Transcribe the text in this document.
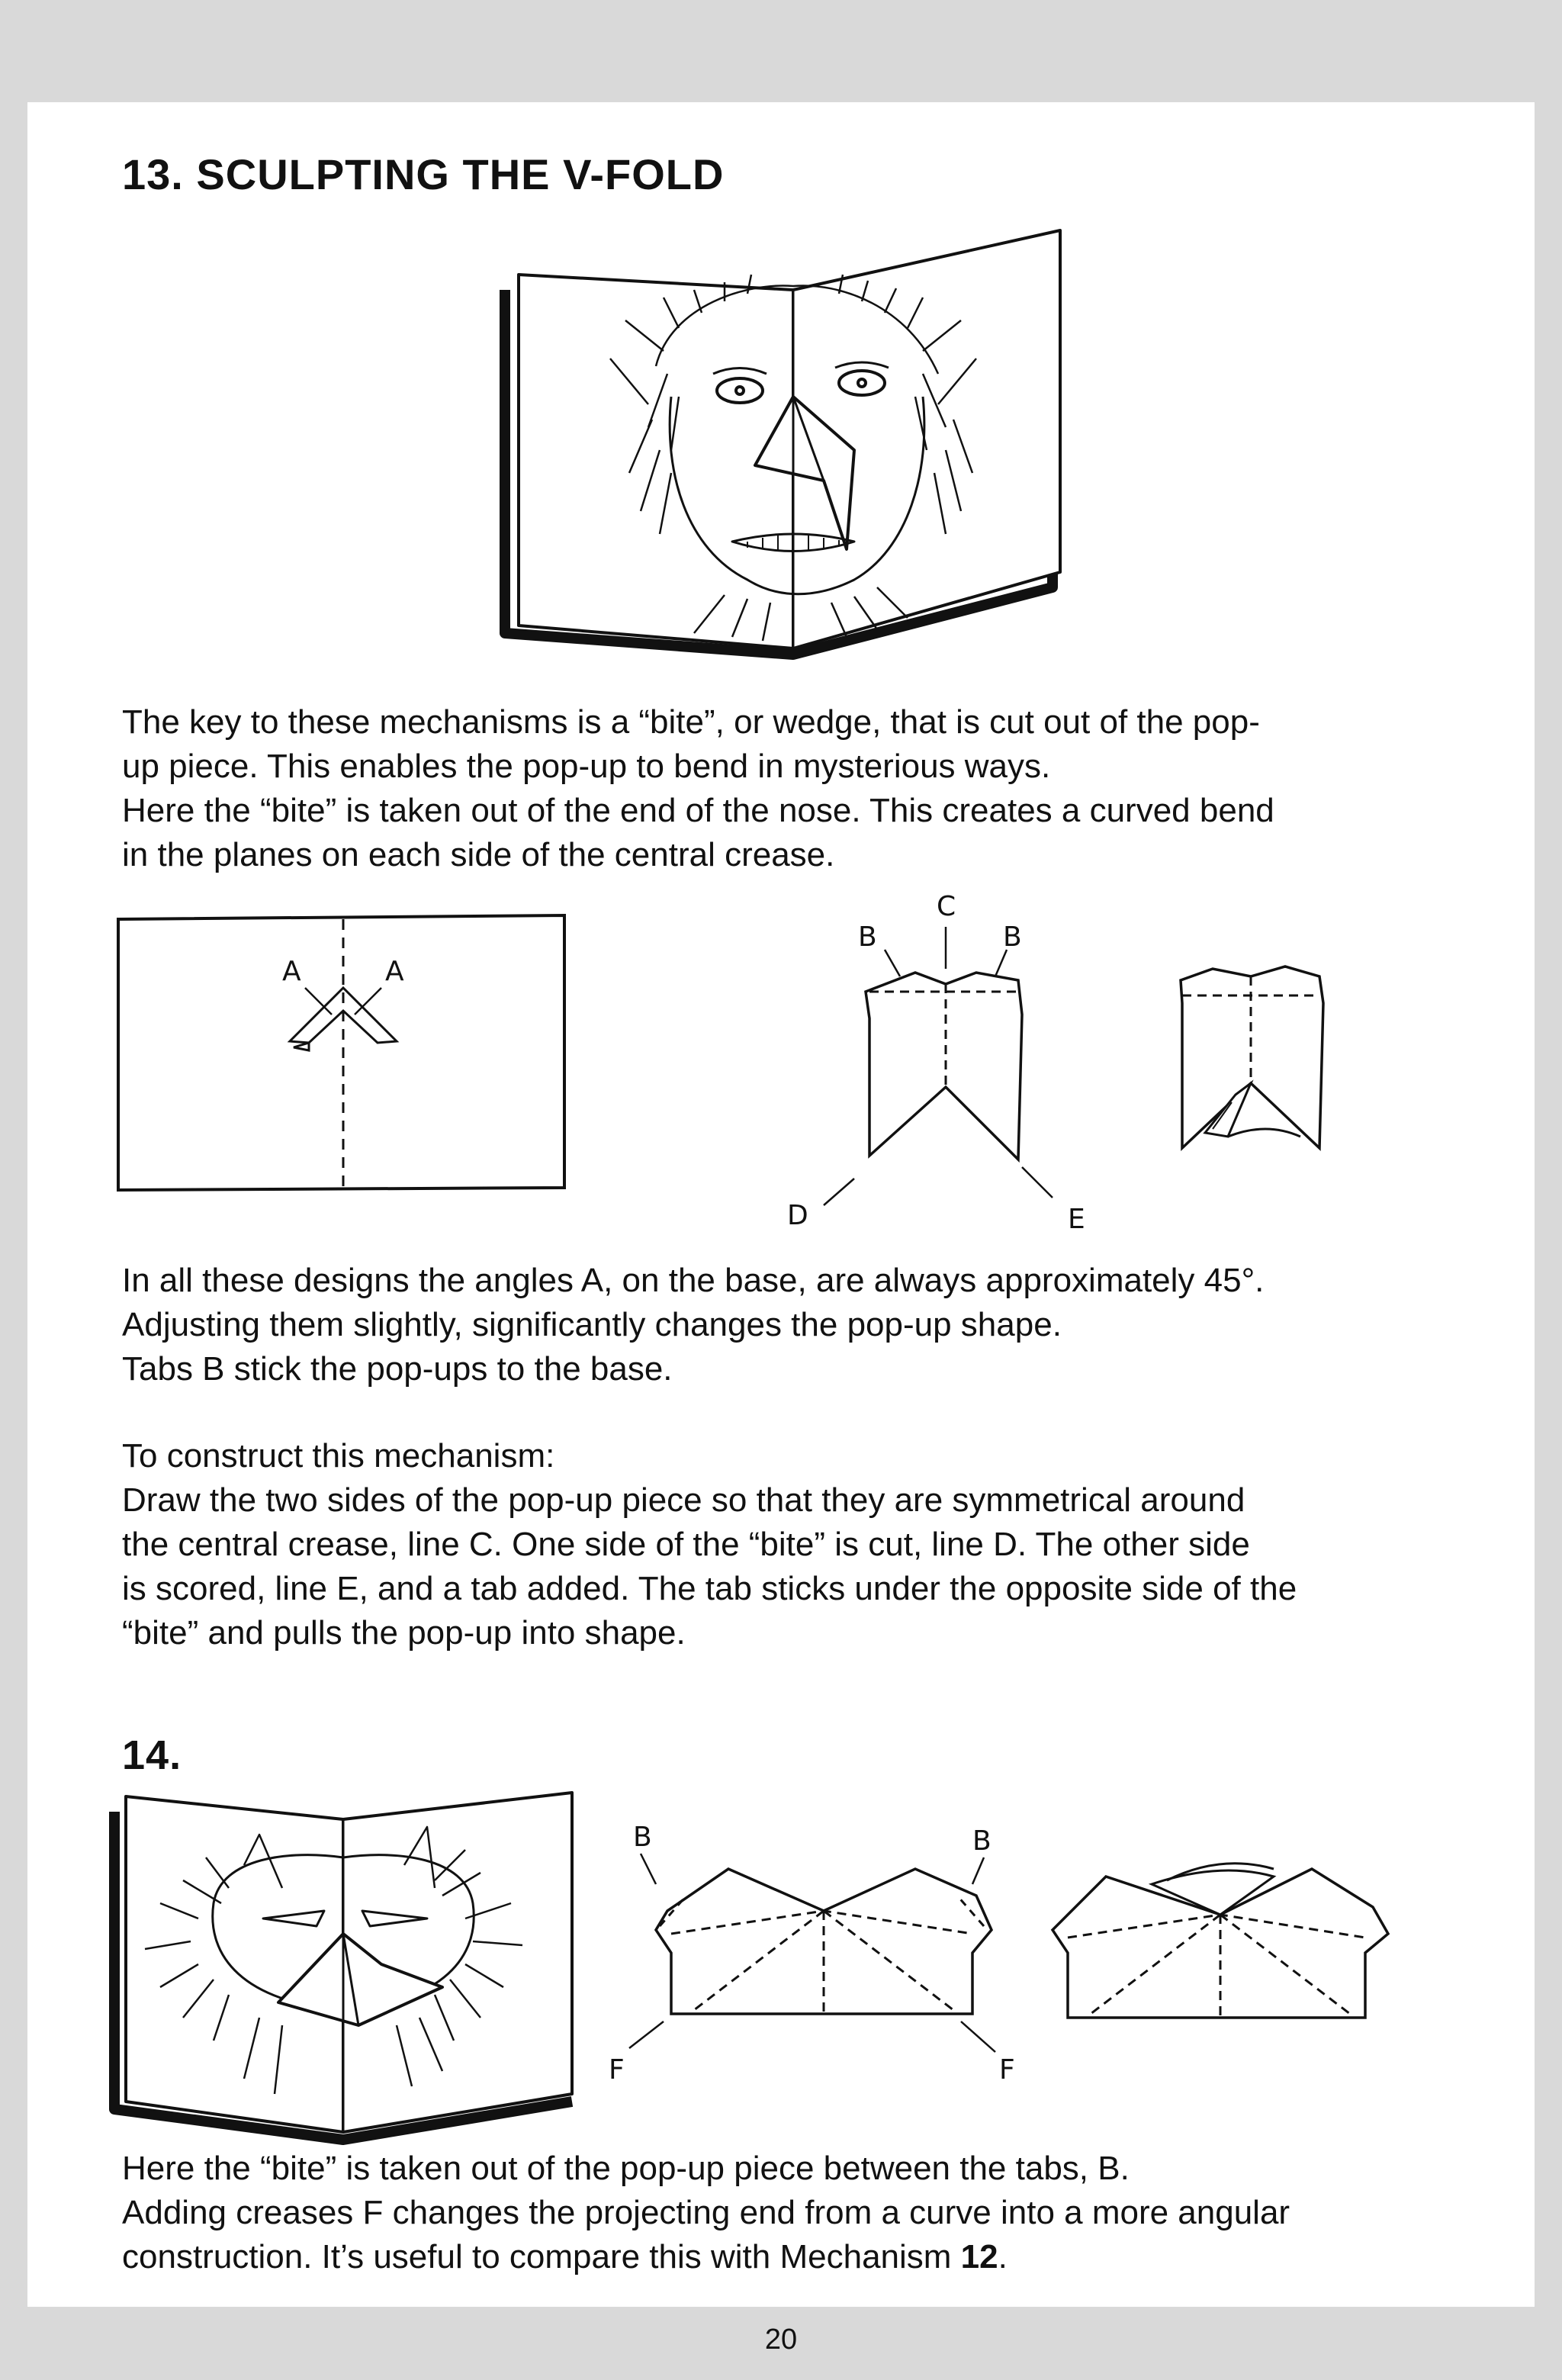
13. SCULPTING THE V-FOLD
The key to these mechanisms is a “bite”, or wedge, that is cut out of the pop-
up piece. This enables the pop-up to bend in mysterious ways.
Here the “bite” is taken out of the end of the nose. This creates a curved bend
in the planes on each side of the central crease.
A	A
C
B	B
D	E
In all these designs the angles A, on the base, are always approximately 45°.
Adjusting them slightly, significantly changes the pop-up shape.
Tabs B stick the pop-ups to the base.
To construct this mechanism:
Draw the two sides of the pop-up piece so that they are symmetrical around
the central crease, line C. One side of the “bite” is cut, line D. The other side
is scored, line E, and a tab added. The tab sticks under the opposite side of the
“bite” and pulls the pop-up into shape.
14.
B	B
F	F
Here the “bite” is taken out of the pop-up piece between the tabs, B.
Adding creases F changes the projecting end from a curve into a more angular
construction. It’s useful to compare this with Mechanism 12.
20
